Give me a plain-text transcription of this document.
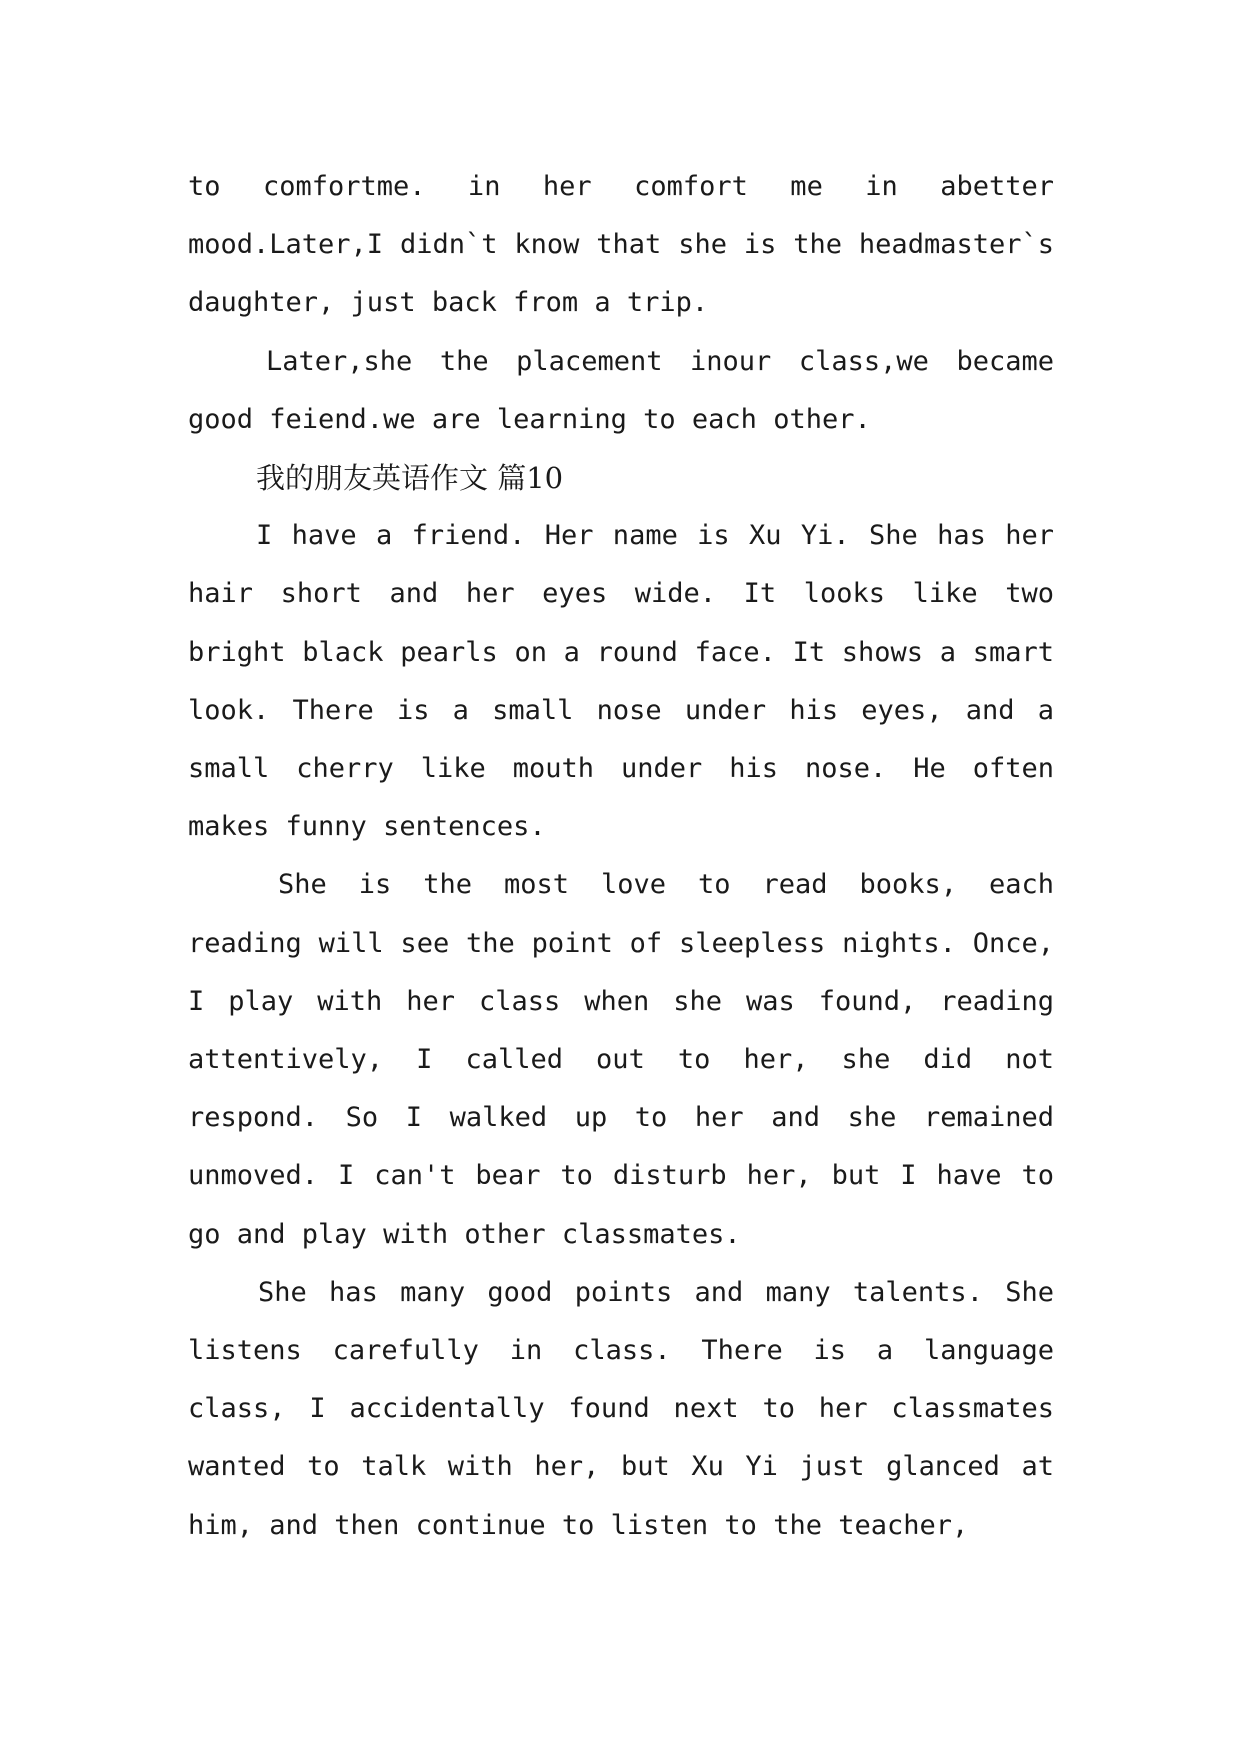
to comfortme. in her comfort me in abetter mood.Later,I didn`t know that she is the headmaster`s daughter, just back from a trip.

Later,she the placement inour class,we became good feiend.we are learning to each other.

我的朋友英语作文 篇10

I have a friend. Her name is Xu Yi. She has her hair short and her eyes wide. It looks like two bright black pearls on a round face. It shows a smart look. There is a small nose under his eyes, and a small cherry like mouth under his nose. He often makes funny sentences.

She is the most love to read books, each reading will see the point of sleepless nights. Once, I play with her class when she was found, reading attentively, I called out to her, she did not respond. So I walked up to her and she remained unmoved. I can't bear to disturb her, but I have to go and play with other classmates.

She has many good points and many talents. She listens carefully in class. There is a language class, I accidentally found next to her classmates wanted to talk with her, but Xu Yi just glanced at him, and then continue to listen to the teacher,
